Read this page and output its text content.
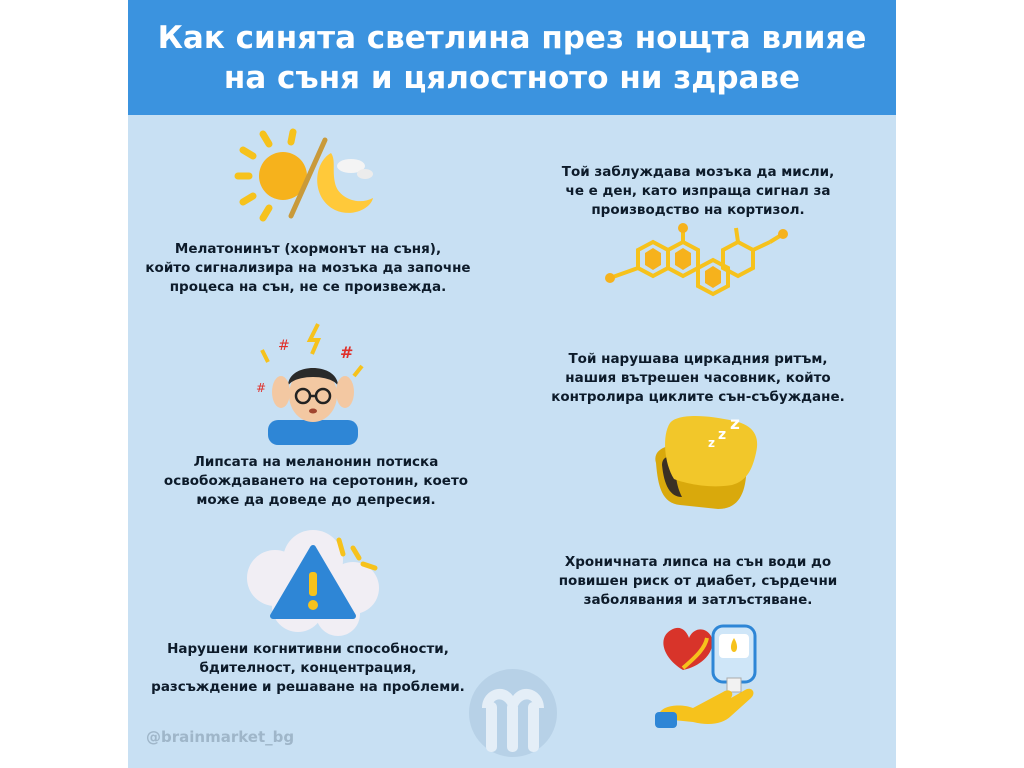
Как синята светлина през нощта влияе
на съня и цялостното ни здраве
Мелатонинът (хормонът на съня),
който сигнализира на мозъка да започне
процеса на сън, не се произвежда.
Той заблуждава мозъка да мисли,
че е ден, като изпраща сигнал за
производство на кортизол.
#	#
#
Липсата на меланонин потиска
освобождаването на серотонин, което
може да доведе до депресия.
Той нарушава циркадния ритъм,
нашия вътрешен часовник, който
контролира циклите сън-събуждане.
z z
z
Нарушени когнитивни способности,
бдителност, концентрация,
разсъждение и решаване на проблеми.
Хроничната липса на сън води до
повишен риск от диабет, сърдечни
заболявания и затлъстяване.
@brainmarket_bg
